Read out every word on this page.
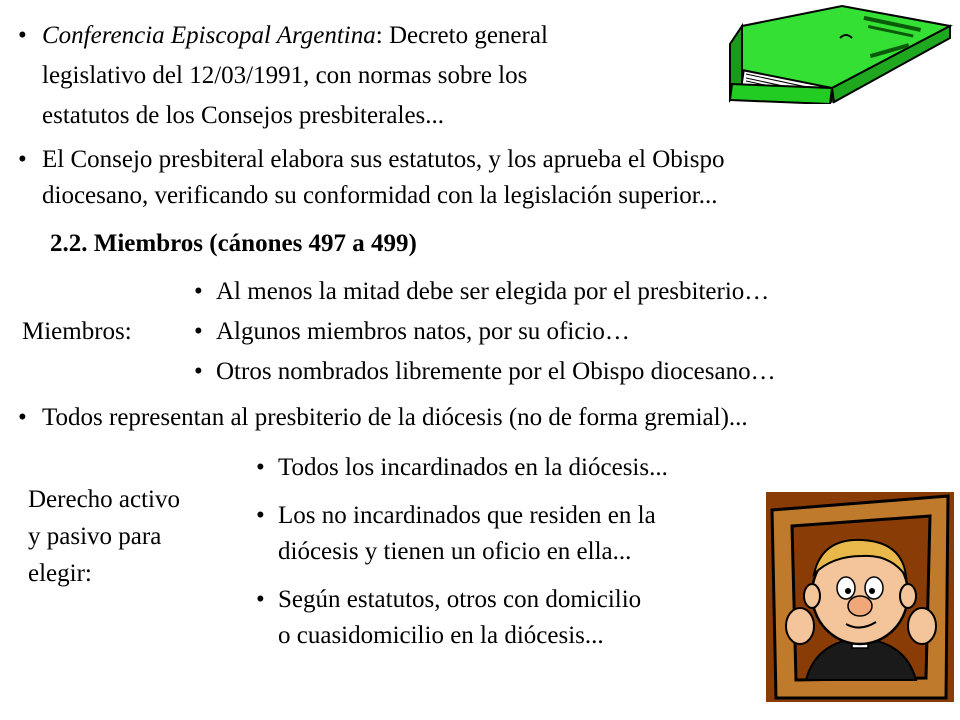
• Conferencia Episcopal Argentina: Decreto general
legislativo del 12/03/1991, con normas sobre los
estatutos de los Consejos presbiterales...
• El Consejo presbiteral elabora sus estatutos, y los aprueba el Obispo
diocesano, verificando su conformidad con la legislación superior...
2.2. Miembros (cánones 497 a 499)
Miembros:
• Al menos la mitad debe ser elegida por el presbiterio…
• Algunos miembros natos, por su oficio…
• Otros nombrados libremente por el Obispo diocesano…
• Todos representan al presbiterio de la diócesis (no de forma gremial)...
Derecho activo
y pasivo para
elegir:
• Todos los incardinados en la diócesis...
• Los no incardinados que residen en la
diócesis y tienen un oficio en ella...
• Según estatutos, otros con domicilio
o cuasidomicilio en la diócesis...
